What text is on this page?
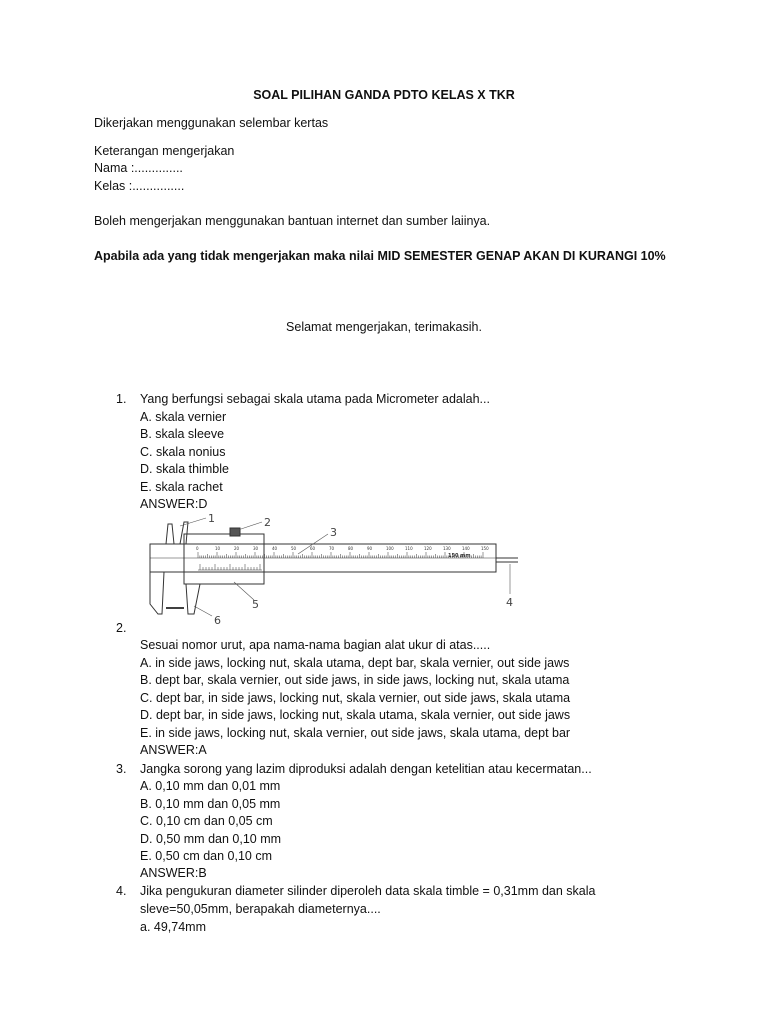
SOAL PILIHAN GANDA PDTO KELAS X TKR
Dikerjakan menggunakan selembar kertas
Keterangan mengerjakan
Nama :..............
Kelas :...............
Boleh mengerjakan menggunakan bantuan internet dan sumber laiinya.
Apabila ada yang tidak mengerjakan maka nilai MID SEMESTER GENAP AKAN DI KURANGI 10%
Selamat mengerjakan, terimakasih.
1. Yang berfungsi sebagai skala utama pada Micrometer adalah...
A. skala vernier
B. skala sleeve
C. skala nonius
D. skala thimble
E. skala rachet
ANSWER:D
0	10	20	30	40	50	60	70	80	90	100	110	120	130	140	150
1	2
3
4
5
6
150 mm
2.
Sesuai nomor urut, apa nama-nama bagian alat ukur di atas.....
A. in side jaws, locking nut, skala utama, dept bar, skala vernier, out side jaws
B. dept bar, skala vernier, out side jaws, in side jaws, locking nut, skala utama
C. dept bar, in side jaws, locking nut, skala vernier, out side jaws, skala utama
D. dept bar, in side jaws, locking nut, skala utama, skala vernier, out side jaws
E. in side jaws, locking nut, skala vernier, out side jaws, skala utama, dept bar
ANSWER:A
3. Jangka sorong yang lazim diproduksi adalah dengan ketelitian atau kecermatan...
A. 0,10 mm dan 0,01 mm
B. 0,10 mm dan 0,05 mm
C. 0,10 cm dan 0,05 cm
D. 0,50 mm dan 0,10 mm
E. 0,50 cm dan 0,10 cm
ANSWER:B
4. Jika pengukuran diameter silinder diperoleh data skala timble = 0,31mm dan skala
sleve=50,05mm, berapakah diameternya....
a. 49,74mm
